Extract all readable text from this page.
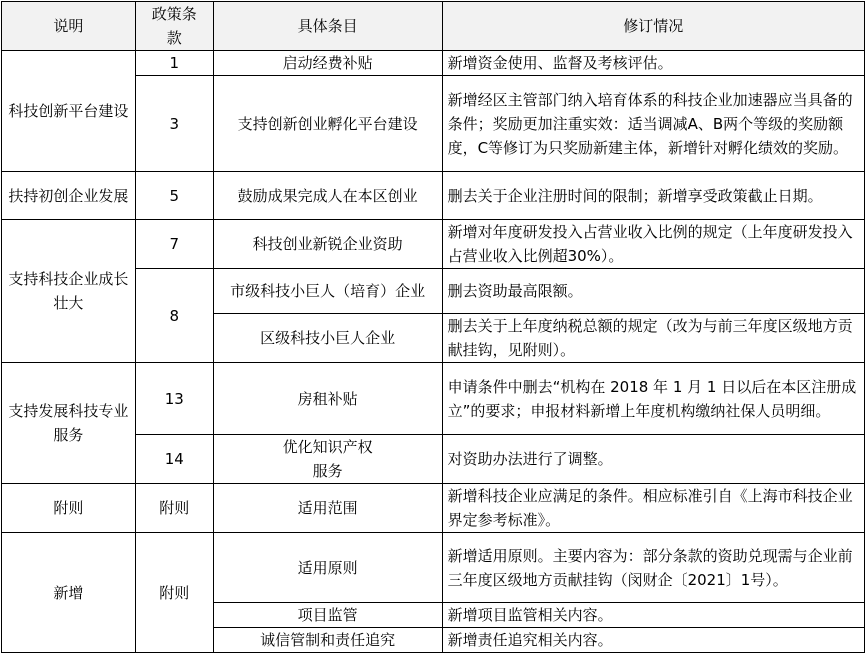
说明	政策条款	具体条目	修订情况
科技创新平台建设	1	启动经费补贴	新增资金使用、监督及考核评估。
	3	支持创新创业孵化平台建设	新增经区主管部门纳入培育体系的科技企业加速器应当具备的条件；奖励更加注重实效：适当调减A、B两个等级的奖励额度，C等修订为只奖励新建主体，新增针对孵化绩效的奖励。
扶持初创企业发展	5	鼓励成果完成人在本区创业	删去关于企业注册时间的限制；新增享受政策截止日期。
支持科技企业成长壮大	7	科技创业新锐企业资助	新增对年度研发投入占营业收入比例的规定（上年度研发投入占营业收入比例超30%）。
	8	市级科技小巨人（培育）企业	删去资助最高限额。
		区级科技小巨人企业	删去关于上年度纳税总额的规定（改为与前三年度区级地方贡献挂钩，见附则）。
支持发展科技专业服务	13	房租补贴	申请条件中删去“机构在 2018 年 1 月 1 日以后在本区注册成立”的要求；申报材料新增上年度机构缴纳社保人员明细。
	14	优化知识产权服务	对资助办法进行了调整。
附则	附则	适用范围	新增科技企业应满足的条件。相应标准引自《上海市科技企业界定参考标准》。
新增	附则	适用原则	新增适用原则。主要内容为：部分条款的资助兑现需与企业前三年度区级地方贡献挂钩（闵财企〔2021〕1号）。
		项目监管	新增项目监管相关内容。
		诚信管制和责任追究	新增责任追究相关内容。
